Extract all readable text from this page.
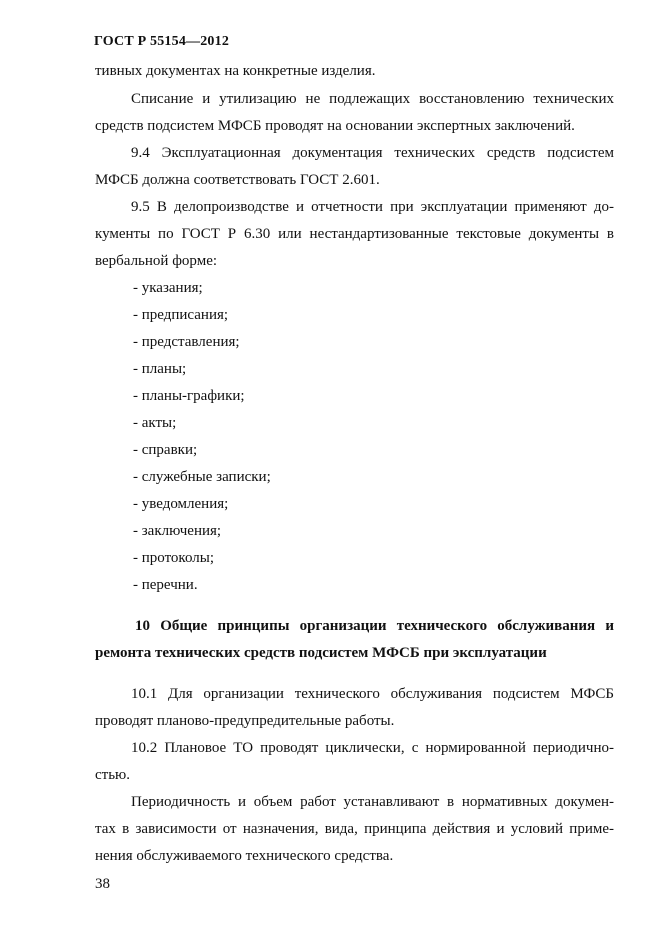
ГОСТ Р 55154—2012
тивных документах на конкретные изделия.
Списание и утилизацию не подлежащих восстановлению технических
средств подсистем МФСБ проводят на основании экспертных заключений.
9.4 Эксплуатационная документация технических средств подсистем
МФСБ должна соответствовать ГОСТ 2.601.
9.5 В делопроизводстве и отчетности при эксплуатации применяют до-
кументы по ГОСТ Р 6.30 или нестандартизованные текстовые документы в
вербальной форме:
- указания;
- предписания;
- представления;
- планы;
- планы-графики;
- акты;
- справки;
- служебные записки;
- уведомления;
- заключения;
- протоколы;
- перечни.
10 Общие принципы организации технического обслуживания и
ремонта технических средств подсистем МФСБ при эксплуатации
10.1 Для организации технического обслуживания подсистем МФСБ
проводят планово-предупредительные работы.
10.2 Плановое ТО проводят циклически, с нормированной периодично-
стью.
Периодичность и объем работ устанавливают в нормативных докумен-
тах в зависимости от назначения, вида, принципа действия и условий приме-
нения обслуживаемого технического средства.
38
